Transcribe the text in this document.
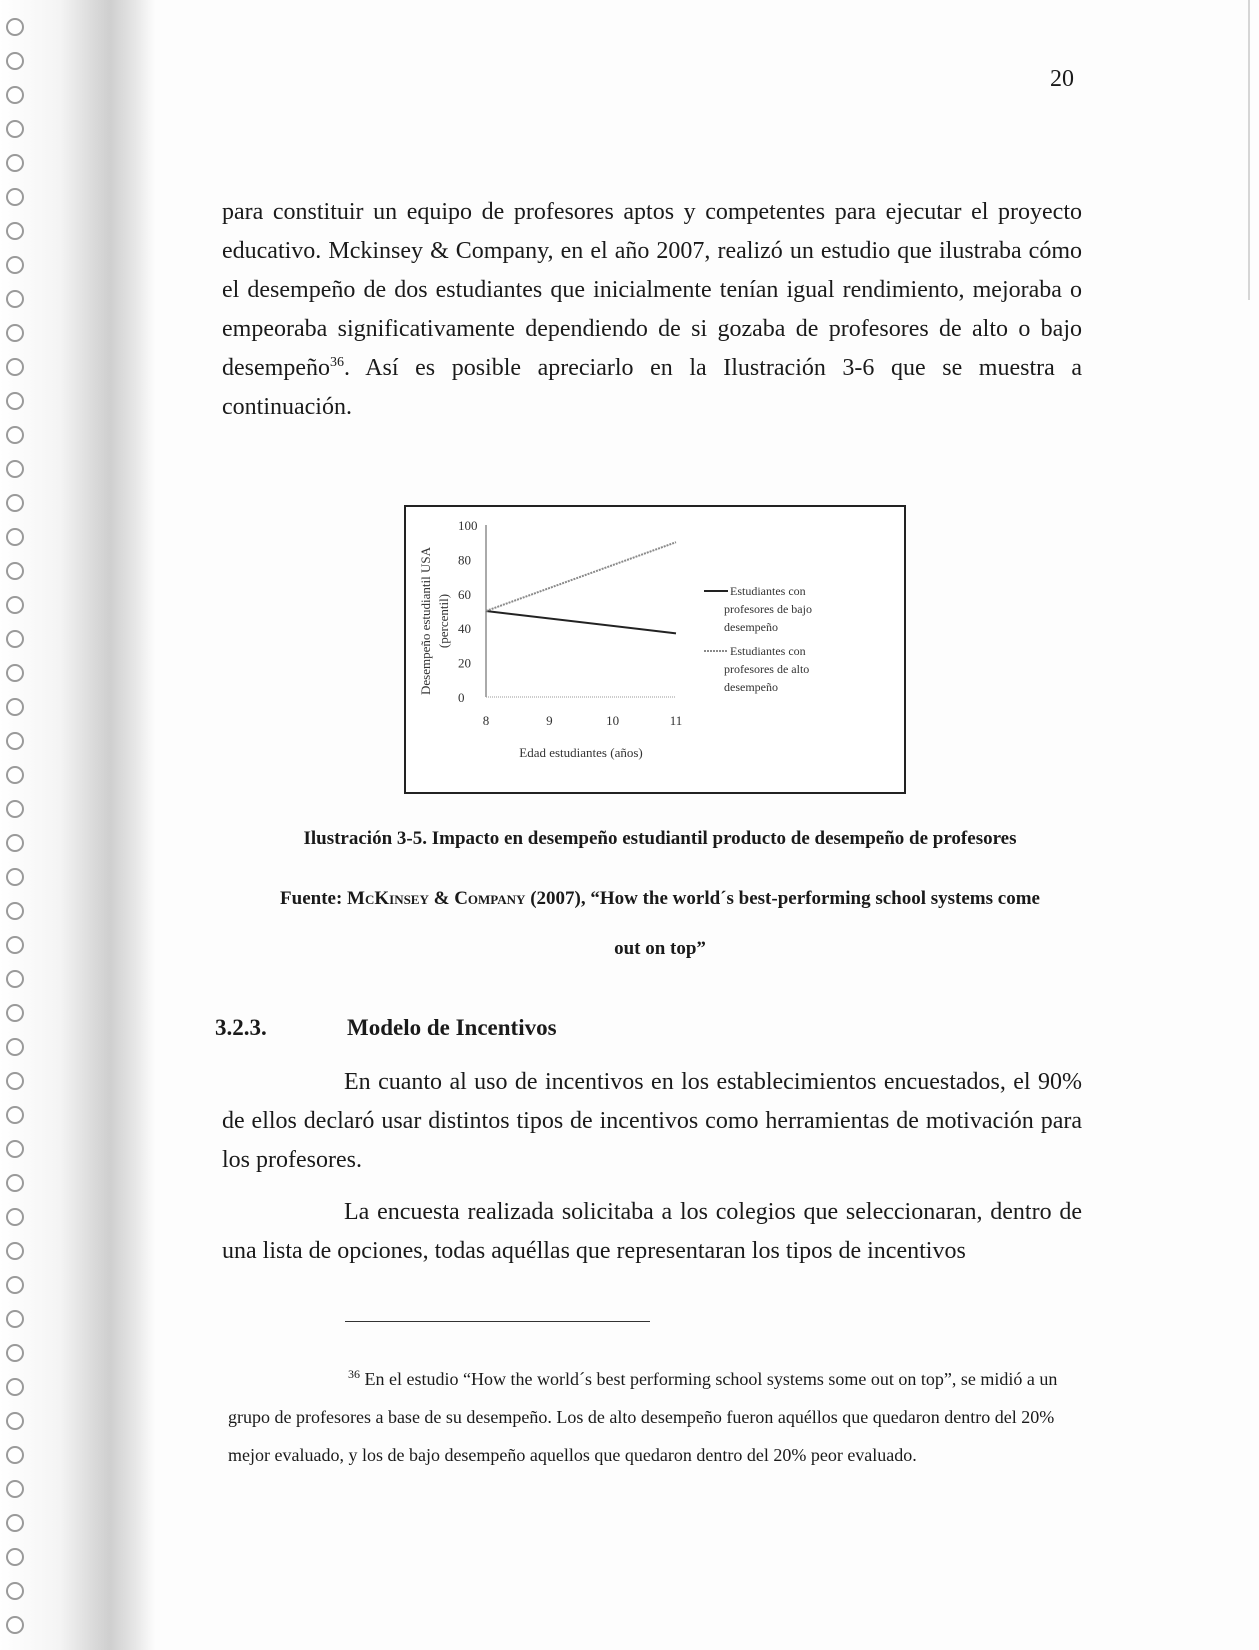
20

para constituir un equipo de profesores aptos y competentes para ejecutar el proyecto educativo. Mckinsey & Company, en el año 2007, realizó un estudio que ilustraba cómo el desempeño de dos estudiantes que inicialmente tenían igual rendimiento, mejoraba o empeoraba significativamente dependiendo de si gozaba de profesores de alto o bajo desempeño$^{36}$. Así es posible apreciarlo en la Ilustración 3-6 que se muestra a continuación.

100
80
60
40
20
0
8	9	10	11
Edad estudiantes (años)
Desempeño estudiantil USA (percentil)
Estudiantes con
profesores de bajo
desempeño
Estudiantes con
profesores de alto
desempeño
Ilustración 3-5. Impacto en desempeño estudiantil producto de desempeño de profesores
Fuente: McKinsey & Company (2007), “How the world´s best-performing school systems come
out on top”
3.2.3.	Modelo de Incentivos

En cuanto al uso de incentivos en los establecimientos encuestados, el 90% de ellos declaró usar distintos tipos de incentivos como herramientas de motivación para los profesores.

La encuesta realizada solicitaba a los colegios que seleccionaran, dentro de una lista de opciones, todas aquéllas que representaran los tipos de incentivos

$^{36}$ En el estudio “How the world´s best performing school systems some out on top”, se midió a un grupo de profesores a base de su desempeño. Los de alto desempeño fueron aquéllos que quedaron dentro del 20% mejor evaluado, y los de bajo desempeño aquellos que quedaron dentro del 20% peor evaluado.
